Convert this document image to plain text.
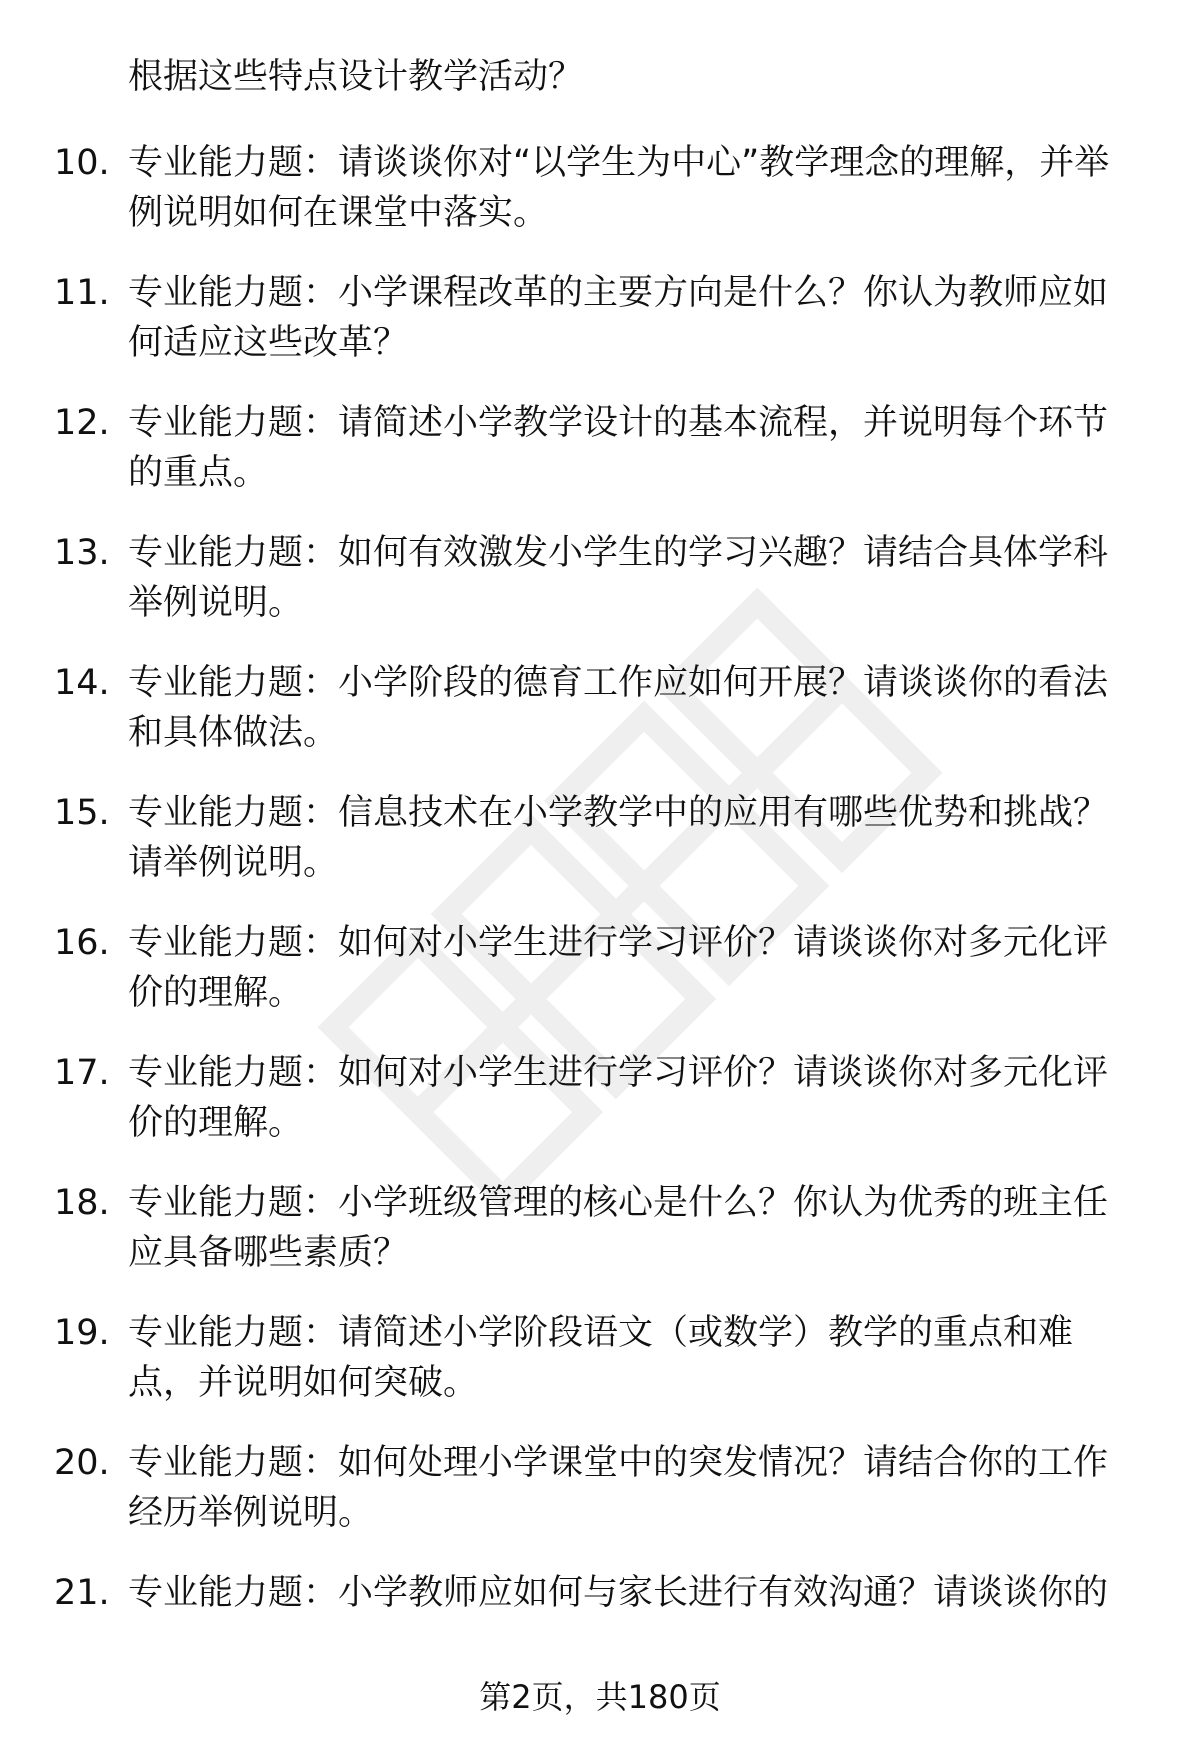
根据这些特点设计教学活动？
10. 专业能力题：请谈谈你对“以学生为中心”教学理念的理解，并举例说明如何在课堂中落实。
11. 专业能力题：小学课程改革的主要方向是什么？你认为教师应如何适应这些改革？
12. 专业能力题：请简述小学教学设计的基本流程，并说明每个环节的重点。
13. 专业能力题：如何有效激发小学生的学习兴趣？请结合具体学科举例说明。
14. 专业能力题：小学阶段的德育工作应如何开展？请谈谈你的看法和具体做法。
15. 专业能力题：信息技术在小学教学中的应用有哪些优势和挑战？请举例说明。
16. 专业能力题：如何对小学生进行学习评价？请谈谈你对多元化评价的理解。
17. 专业能力题：如何对小学生进行学习评价？请谈谈你对多元化评价的理解。
18. 专业能力题：小学班级管理的核心是什么？你认为优秀的班主任应具备哪些素质？
19. 专业能力题：请简述小学阶段语文（或数学）教学的重点和难点，并说明如何突破。
20. 专业能力题：如何处理小学课堂中的突发情况？请结合你的工作经历举例说明。
21. 专业能力题：小学教师应如何与家长进行有效沟通？请谈谈你的
第2页，共180页
